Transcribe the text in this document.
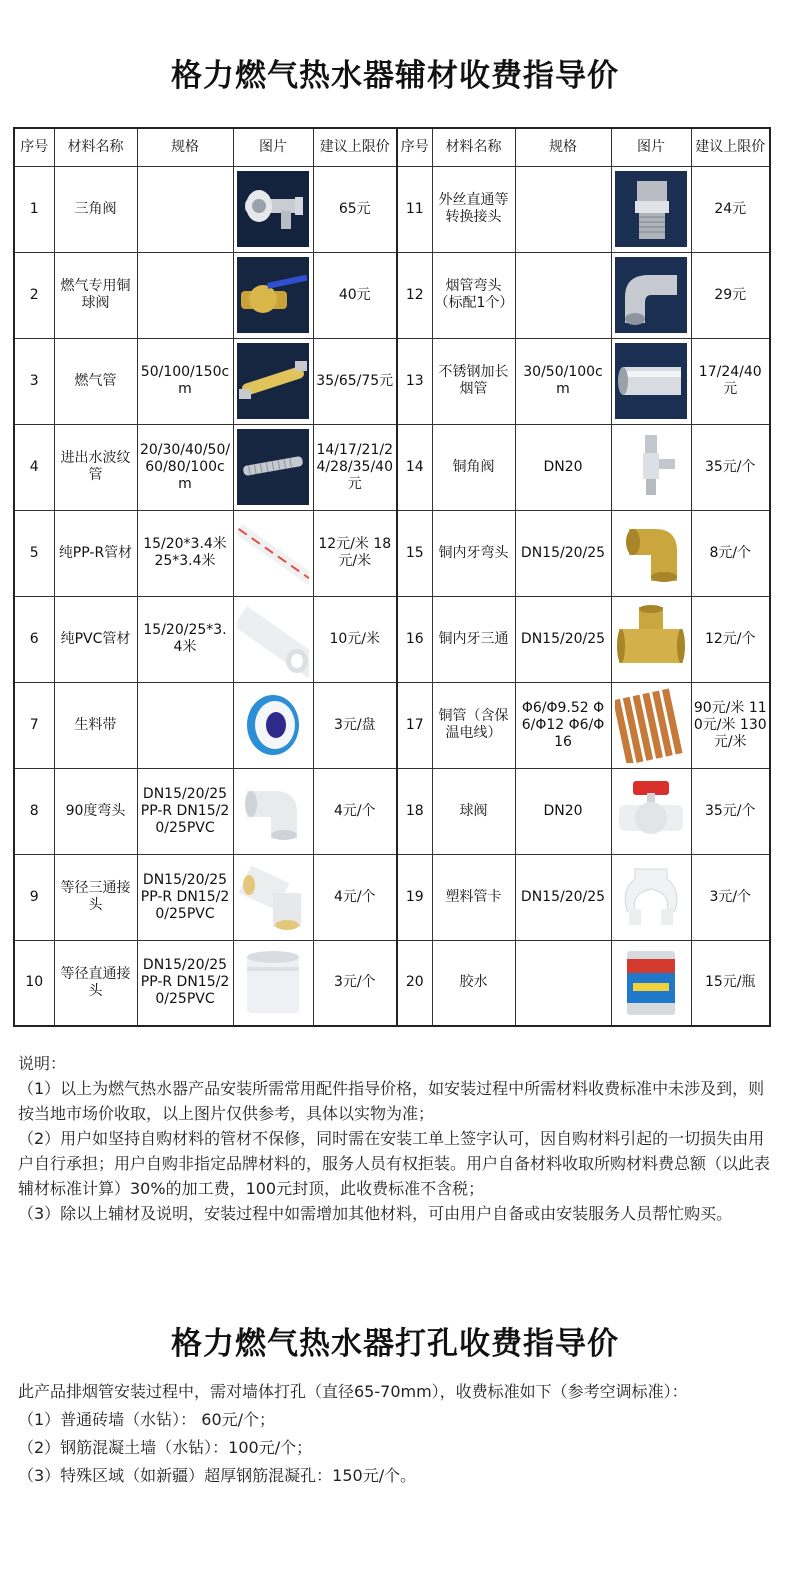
格力燃气热水器辅材收费指导价
序号	材料名称	规格	图片	建议上限价	序号	材料名称	规格	图片	建议上限价
1	三角阀			65元	11	外丝直通等转换接头			24元
2	燃气专用铜球阀			40元	12	烟管弯头（标配1个）			29元
3	燃气管	50/100/150cm		35/65/75元	13	不锈钢加长烟管	30/50/100cm		17/24/40元
4	进出水波纹管	20/30/40/50/60/80/100cm		14/17/21/24/28/35/40元	14	铜角阀	DN20		35元/个
5	纯PP-R管材	15/20*3.4米 25*3.4米		12元/米 18元/米	15	铜内牙弯头	DN15/20/25		8元/个
6	纯PVC管材	15/20/25*3.4米		10元/米	16	铜内牙三通	DN15/20/25		12元/个
7	生料带			3元/盘	17	铜管（含保温电线）	Φ6/Φ9.52 Φ6/Φ12 Φ6/Φ16		90元/米 110元/米 130元/米
8	90度弯头	DN15/20/25PP-R DN15/20/25PVC		4元/个	18	球阀	DN20		35元/个
9	等径三通接头	DN15/20/25PP-R DN15/20/25PVC		4元/个	19	塑料管卡	DN15/20/25		3元/个
10	等径直通接头	DN15/20/25PP-R DN15/20/25PVC		3元/个	20	胶水			15元/瓶
说明：
（1）以上为燃气热水器产品安装所需常用配件指导价格，如安装过程中所需材料收费标准中未涉及到，则按当地市场价收取，以上图片仅供参考，具体以实物为准；
（2）用户如坚持自购材料的管材不保修，同时需在安装工单上签字认可，因自购材料引起的一切损失由用户自行承担；用户自购非指定品牌材料的，服务人员有权拒装。用户自备材料收取所购材料费总额（以此表辅材标准计算）30%的加工费，100元封顶，此收费标准不含税；
（3）除以上辅材及说明，安装过程中如需增加其他材料，可由用户自备或由安装服务人员帮忙购买。
格力燃气热水器打孔收费指导价
此产品排烟管安装过程中，需对墙体打孔（直径65-70mm），收费标准如下（参考空调标准）：
（1）普通砖墙（水钻）： 60元/个；
（2）钢筋混凝土墙（水钻）：100元/个；
（3）特殊区域（如新疆）超厚钢筋混凝孔：150元/个。
